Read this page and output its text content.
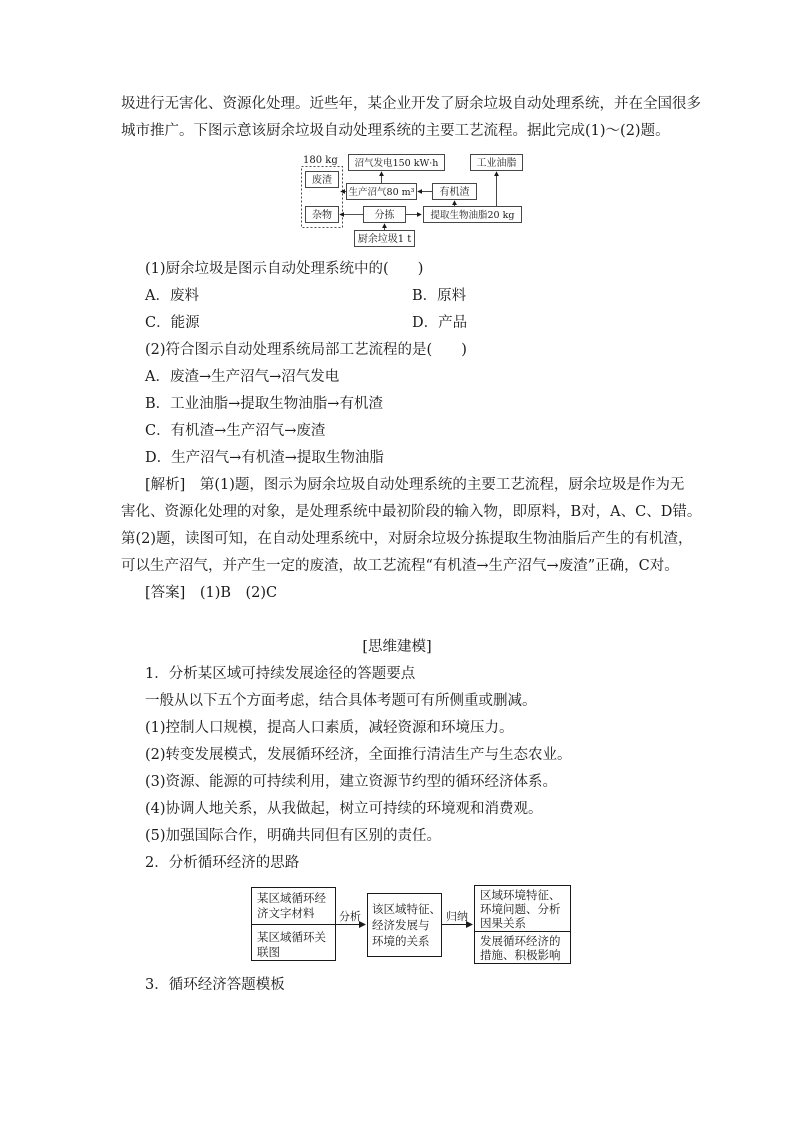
圾进行无害化、资源化处理。近些年，某企业开发了厨余垃圾自动处理系统，并在全国很多
城市推广。下图示意该厨余垃圾自动处理系统的主要工艺流程。据此完成(1)～(2)题。
180 kg
废渣
杂物
沼气发电150 kW·h	工业油脂
生产沼气80 m³	有机渣
分拣	提取生物油脂20 kg
厨余垃圾1 t
(1)厨余垃圾是图示自动处理系统中的(　　)
A．废料	B．原料
C．能源	D．产品
(2)符合图示自动处理系统局部工艺流程的是(　　)
A．废渣→生产沼气→沼气发电
B．工业油脂→提取生物油脂→有机渣
C．有机渣→生产沼气→废渣
D．生产沼气→有机渣→提取生物油脂
[解析]　第(1)题，图示为厨余垃圾自动处理系统的主要工艺流程，厨余垃圾是作为无
害化、资源化处理的对象，是处理系统中最初阶段的输入物，即原料，B对，A、C、D错。
第(2)题，读图可知，在自动处理系统中，对厨余垃圾分拣提取生物油脂后产生的有机渣，
可以生产沼气，并产生一定的废渣，故工艺流程“有机渣→生产沼气→废渣”正确，C对。
[答案]　(1)B　(2)C
[思维建模]
1．分析某区域可持续发展途径的答题要点
一般从以下五个方面考虑，结合具体考题可有所侧重或删减。
(1)控制人口规模，提高人口素质，减轻资源和环境压力。
(2)转变发展模式，发展循环经济，全面推行清洁生产与生态农业。
(3)资源、能源的可持续利用，建立资源节约型的循环经济体系。
(4)协调人地关系，从我做起，树立可持续的环境观和消费观。
(5)加强国际合作，明确共同但有区别的责任。
2．分析循环经济的思路
某区域循环经
济文字材料
某区域循环关
联图
分析
该区域特征、
经济发展与
环境的关系
归纳
区域环境特征、
环境问题、分析
因果关系
发展循环经济的
措施、积极影响
3．循环经济答题模板
